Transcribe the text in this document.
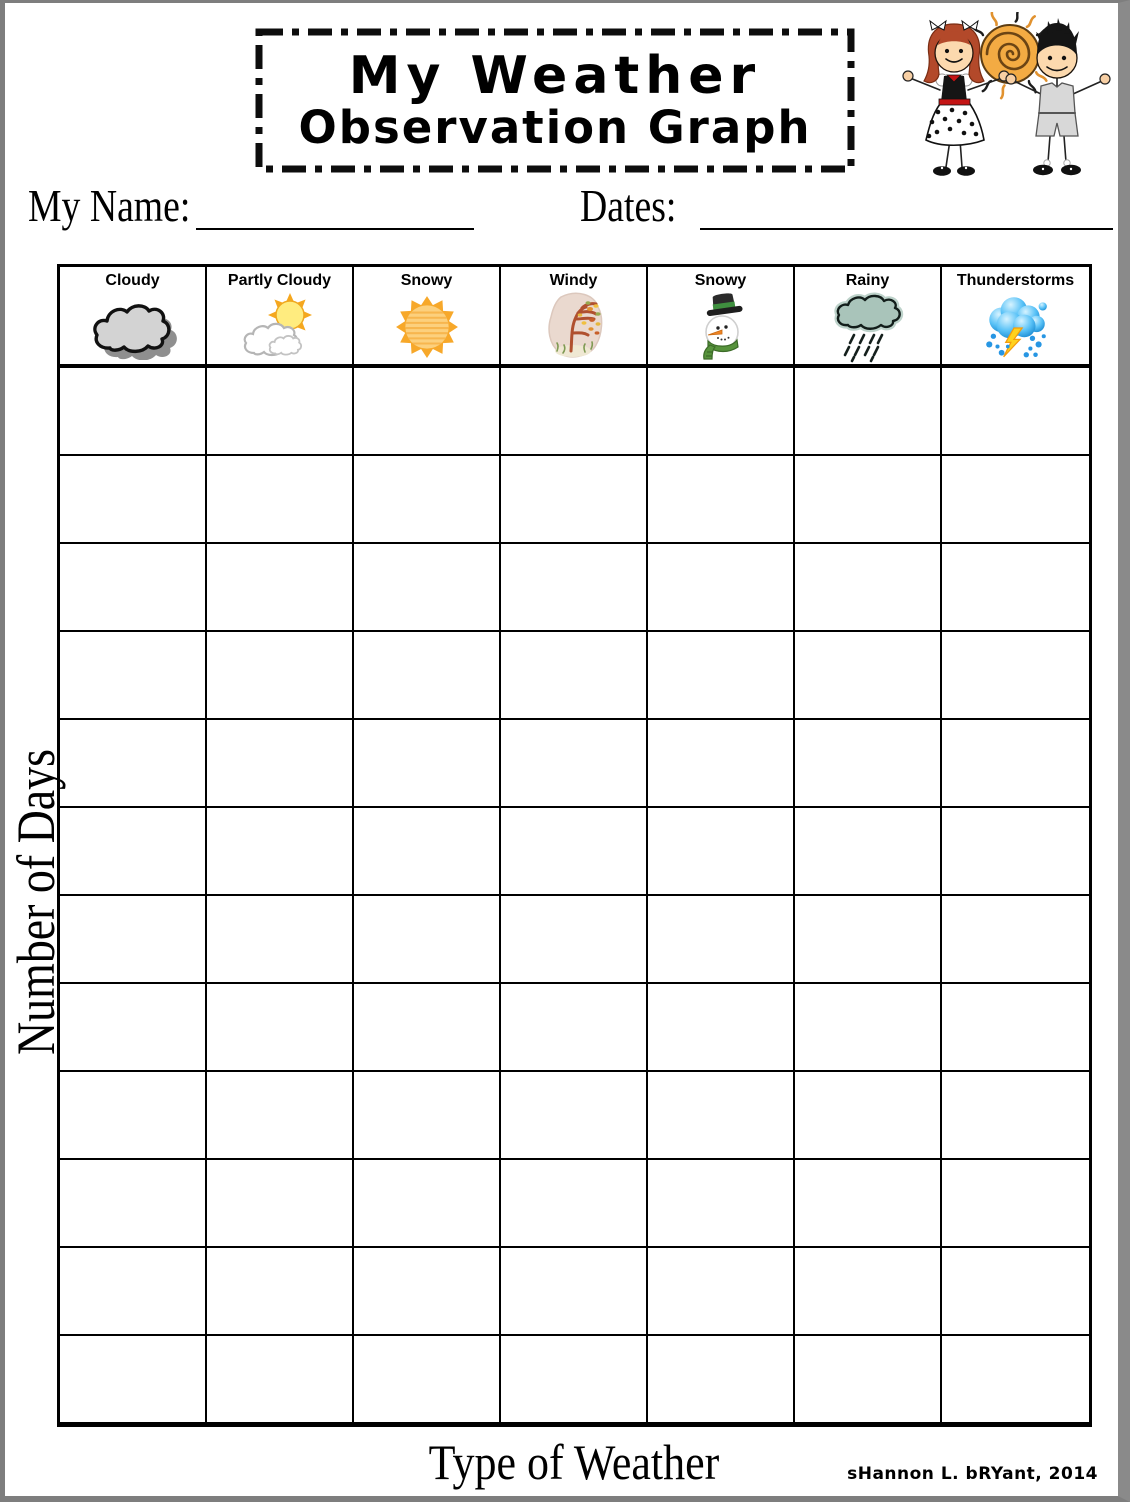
My Weather
Observation Graph
My Name:	Dates:
Cloudy	Partly Cloudy	Snowy	Windy	Snowy	Rainy	Thunderstorms
Number of Days
Type of Weather	sHannon L. bRYant, 2014
